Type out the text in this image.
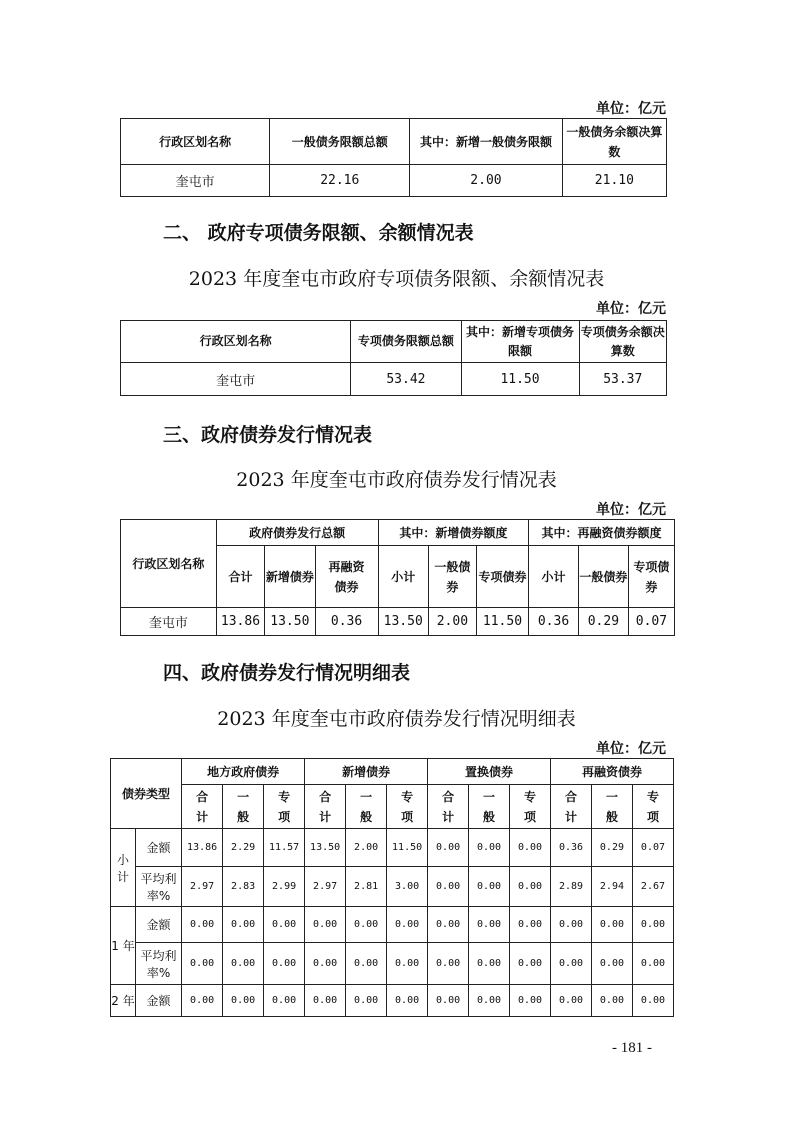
单位：亿元
行政区划名称	一般债务限额总额	其中：新增一般债务限额	一般债务余额决算数
奎屯市	22.16	2.00	21.10
二、 政府专项债务限额、余额情况表
2023 年度奎屯市政府专项债务限额、余额情况表
单位：亿元
行政区划名称	专项债务限额总额	其中：新增专项债务限额	专项债务余额决算数
奎屯市	53.42	11.50	53.37
三、政府债券发行情况表
2023 年度奎屯市政府债券发行情况表
单位：亿元
行政区划名称	政府债券发行总额			其中：新增债券额度			其中：再融资债券额度		
	合计	新增债券	再融资债券	小计	一般债券	专项债券	小计	一般债券	专项债券
奎屯市	13.86	13.50	0.36	13.50	2.00	11.50	0.36	0.29	0.07
四、政府债券发行情况明细表
2023 年度奎屯市政府债券发行情况明细表
单位：亿元
债券类型		地方政府债券			新增债券			置换债券			再融资债券		
		合计	一般	专项	合计	一般	专项	合计	一般	专项	合计	一般	专项
小计	金额	13.86	2.29	11.57	13.50	2.00	11.50	0.00	0.00	0.00	0.36	0.29	0.07
	平均利率%	2.97	2.83	2.99	2.97	2.81	3.00	0.00	0.00	0.00	2.89	2.94	2.67
1 年	金额	0.00	0.00	0.00	0.00	0.00	0.00	0.00	0.00	0.00	0.00	0.00	0.00
	平均利率%	0.00	0.00	0.00	0.00	0.00	0.00	0.00	0.00	0.00	0.00	0.00	0.00
2 年	金额	0.00	0.00	0.00	0.00	0.00	0.00	0.00	0.00	0.00	0.00	0.00	0.00
- 181 -
